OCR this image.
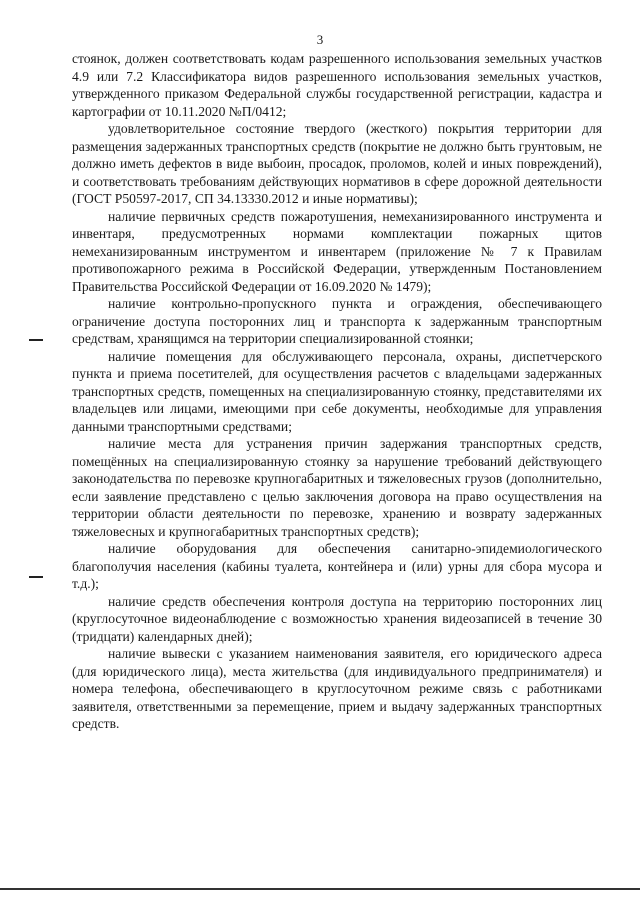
3

стоянок, должен соответствовать кодам разрешенного использования земельных участков 4.9 или 7.2 Классификатора видов разрешенного использования земельных участков, утвержденного приказом Федеральной службы государственной регистрации, кадастра и картографии от 10.11.2020 №П/0412;

удовлетворительное состояние твердого (жесткого) покрытия территории для размещения задержанных транспортных средств (покрытие не должно быть грунтовым, не должно иметь дефектов в виде выбоин, просадок, проломов, колей и иных повреждений), и соответствовать требованиям действующих нормативов в сфере дорожной деятельности (ГОСТ Р50597-2017, СП 34.13330.2012 и иные нормативы);

наличие первичных средств пожаротушения, немеханизированного инструмента и инвентаря, предусмотренных нормами комплектации пожарных щитов немеханизированным инструментом и инвентарем (приложение № 7 к Правилам противопожарного режима в Российской Федерации, утвержденным Постановлением Правительства Российской Федерации от 16.09.2020 № 1479);

наличие контрольно-пропускного пункта и ограждения, обеспечивающего ограничение доступа посторонних лиц и транспорта к задержанным транспортным средствам, хранящимся на территории специализированной стоянки;

наличие помещения для обслуживающего персонала, охраны, диспетчерского пункта и приема посетителей, для осуществления расчетов с владельцами задержанных транспортных средств, помещенных на специализированную стоянку, представителями их владельцев или лицами, имеющими при себе документы, необходимые для управления данными транспортными средствами;

наличие места для устранения причин задержания транспортных средств, помещённых на специализированную стоянку за нарушение требований действующего законодательства по перевозке крупногабаритных и тяжеловесных грузов (дополнительно, если заявление представлено с целью заключения договора на право осуществления на территории области деятельности по перевозке, хранению и возврату задержанных тяжеловесных и крупногабаритных транспортных средств);

наличие оборудования для обеспечения санитарно-эпидемиологического благополучия населения (кабины туалета, контейнера и (или) урны для сбора мусора и т.д.);

наличие средств обеспечения контроля доступа на территорию посторонних лиц (круглосуточное видеонаблюдение с возможностью хранения видеозаписей в течение 30 (тридцати) календарных дней);

наличие вывески с указанием наименования заявителя, его юридического адреса (для юридического лица), места жительства (для индивидуального предпринимателя) и номера телефона, обеспечивающего в круглосуточном режиме связь с работниками заявителя, ответственными за перемещение, прием и выдачу задержанных транспортных средств.
